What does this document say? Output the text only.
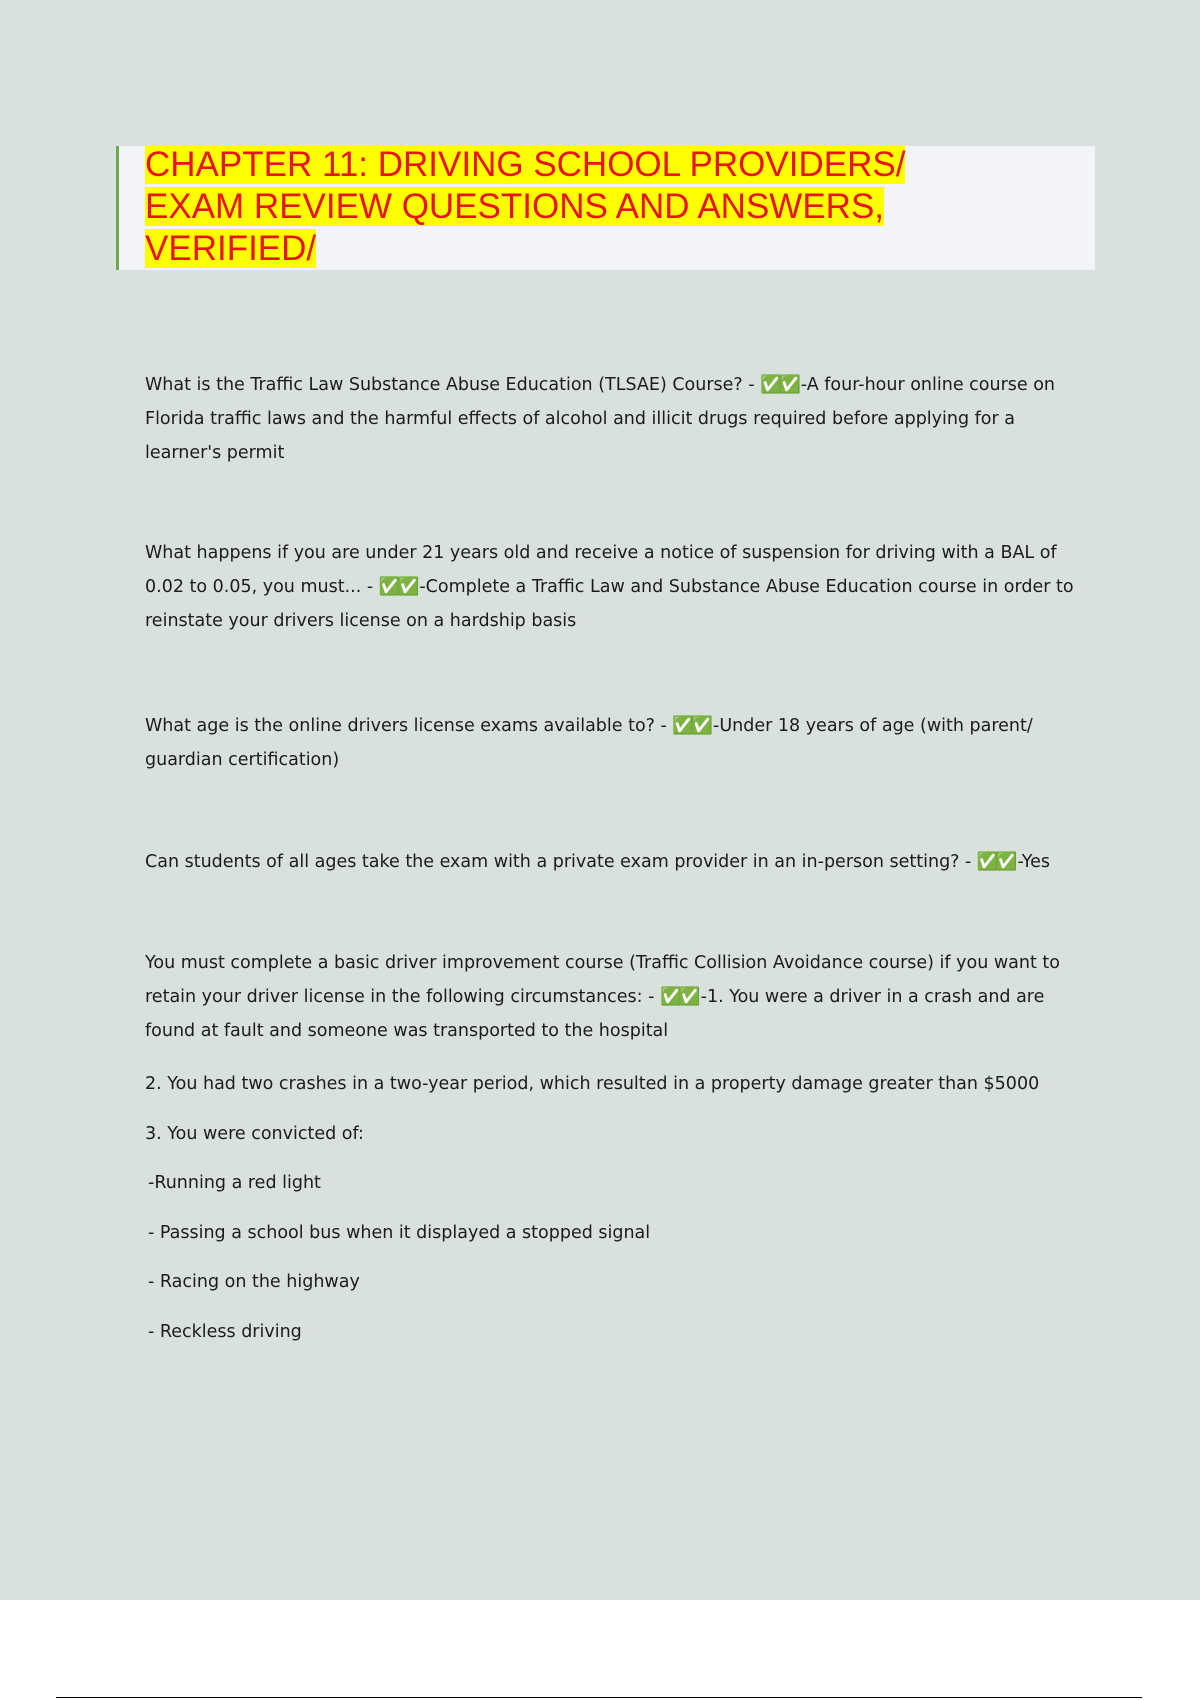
CHAPTER 11: DRIVING SCHOOL PROVIDERS/ EXAM REVIEW QUESTIONS AND ANSWERS, VERIFIED/

What is the Traffic Law Substance Abuse Education (TLSAE) Course? - ✅✅ -A four-hour online course on Florida traffic laws and the harmful effects of alcohol and illicit drugs required before applying for a learner's permit

What happens if you are under 21 years old and receive a notice of suspension for driving with a BAL of 0.02 to 0.05, you must... - ✅✅ -Complete a Traffic Law and Substance Abuse Education course in order to reinstate your drivers license on a hardship basis

What age is the online drivers license exams available to? - ✅✅ -Under 18 years of age (with parent/ guardian certification)

Can students of all ages take the exam with a private exam provider in an in-person setting? - ✅✅ -Yes

You must complete a basic driver improvement course (Traffic Collision Avoidance course) if you want to retain your driver license in the following circumstances: - ✅✅ -1. You were a driver in a crash and are found at fault and someone was transported to the hospital

2. You had two crashes in a two-year period, which resulted in a property damage greater than $5000

3. You were convicted of:

-Running a red light

- Passing a school bus when it displayed a stopped signal

- Racing on the highway

- Reckless driving
